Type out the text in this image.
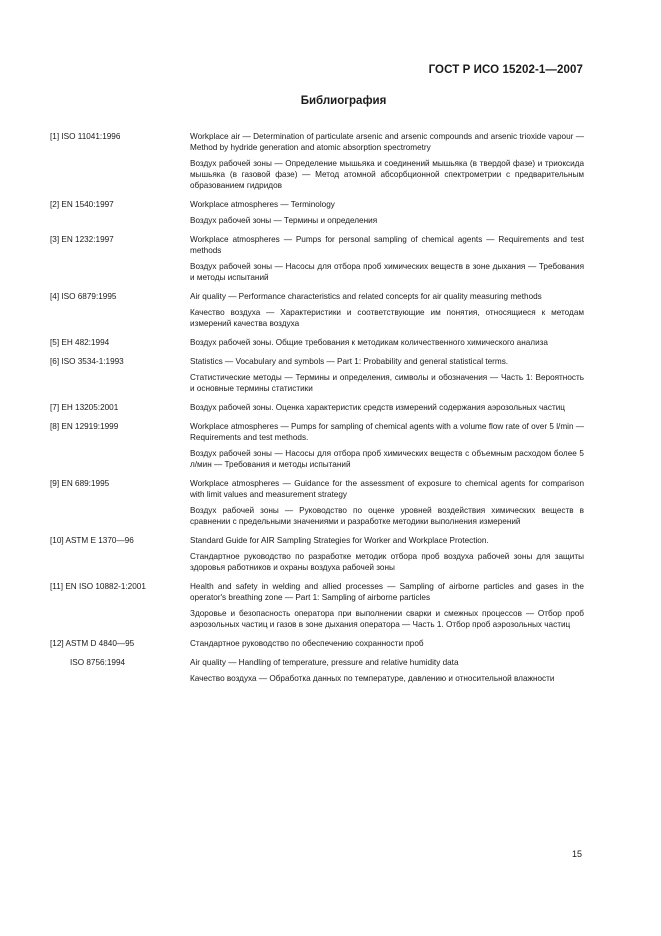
ГОСТ Р ИСО 15202-1—2007
Библиография
[1] ISO 11041:1996	Workplace air — Determination of particulate arsenic and arsenic compounds and arsenic trioxide vapour — Method by hydride generation and atomic absorption spectrometry

Воздух рабочей зоны — Определение мышьяка и соединений мышьяка (в твердой фазе) и триоксида мышьяка (в газовой фазе) — Метод атомной абсорбционной спектрометрии с предварительным образованием гидридов

[2] EN 1540:1997	Workplace atmospheres — Terminology

Воздух рабочей зоны — Термины и определения

[3] EN 1232:1997	Workplace atmospheres — Pumps for personal sampling of chemical agents — Requirements and test methods

Воздух рабочей зоны — Насосы для отбора проб химических веществ в зоне дыхания — Требования и методы испытаний

[4] ISO 6879:1995	Air quality — Performance characteristics and related concepts for air quality measuring methods

Качество воздуха — Характеристики и соответствующие им понятия, относящиеся к методам измерений качества воздуха

[5] ЕН 482:1994	Воздух рабочей зоны. Общие требования к методикам количественного химического анализа

[6] ISO 3534-1:1993	Statistics — Vocabulary and symbols — Part 1: Probability and general statistical terms.

Статистические методы — Термины и определения, символы и обозначения — Часть 1: Вероятность и основные термины статистики

[7] ЕН 13205:2001	Воздух рабочей зоны. Оценка характеристик средств измерений содержания аэрозольных частиц

[8] EN 12919:1999	Workplace atmospheres — Pumps for sampling of chemical agents with a volume flow rate of over 5 l/min — Requirements and test methods.

Воздух рабочей зоны — Насосы для отбора проб химических веществ с объемным расходом более 5 л/мин — Требования и методы испытаний

[9] EN 689:1995	Workplace atmospheres — Guidance for the assessment of exposure to chemical agents for comparison with limit values and measurement strategy

Воздух рабочей зоны — Руководство по оценке уровней воздействия химических веществ в сравнении с предельными значениями и разработке методики выполнения измерений

[10] ASTM E 1370—96	Standard Guide for AIR Sampling Strategies for Worker and Workplace Protection.

Стандартное руководство по разработке методик отбора проб воздуха рабочей зоны для защиты здоровья работников и охраны воздуха рабочей зоны

[11] EN ISO 10882-1:2001	Health and safety in welding and allied processes — Sampling of airborne particles and gases in the operator's breathing zone — Part 1: Sampling of airborne particles

Здоровье и безопасность оператора при выполнении сварки и смежных процессов — Отбор проб аэрозольных частиц и газов в зоне дыхания оператора — Часть 1. Отбор проб аэрозольных частиц

[12] ASTM D 4840—95	Стандартное руководство по обеспечению сохранности проб

ISO 8756:1994	Air quality — Handling of temperature, pressure and relative humidity data

Качество воздуха — Обработка данных по температуре, давлению и относительной влажности

15
